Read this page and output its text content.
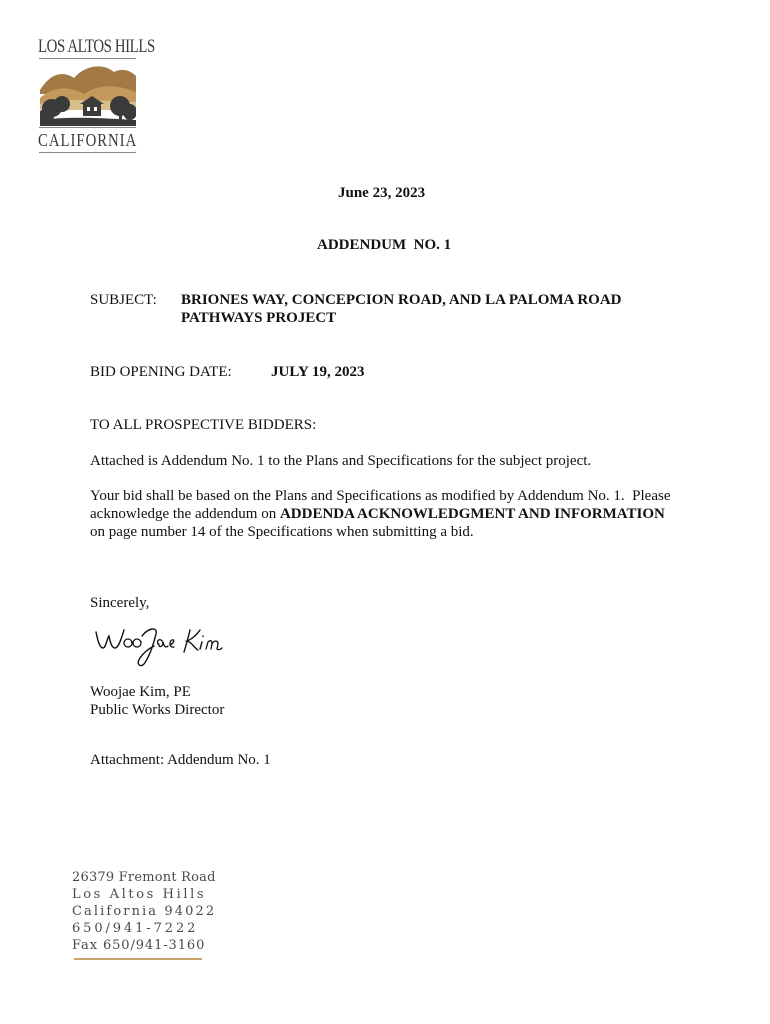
LOS ALTOS HILLS
CALIFORNIA
June 23, 2023
ADDENDUM  NO. 1
SUBJECT: BRIONES WAY, CONCEPCION ROAD, AND LA PALOMA ROAD
PATHWAYS PROJECT
BID OPENING DATE:	JULY 19, 2023
TO ALL PROSPECTIVE BIDDERS:
Attached is Addendum No. 1 to the Plans and Specifications for the subject project.
Your bid shall be based on the Plans and Specifications as modified by Addendum No. 1.  Please
acknowledge the addendum on ADDENDA ACKNOWLEDGMENT AND INFORMATION
on page number 14 of the Specifications when submitting a bid.
Sincerely,
Woojae Kim, PE
Public Works Director
Attachment: Addendum No. 1
26379 Fremont Road
Los Altos Hills
California 94022
650/941-7222
Fax 650/941-3160
